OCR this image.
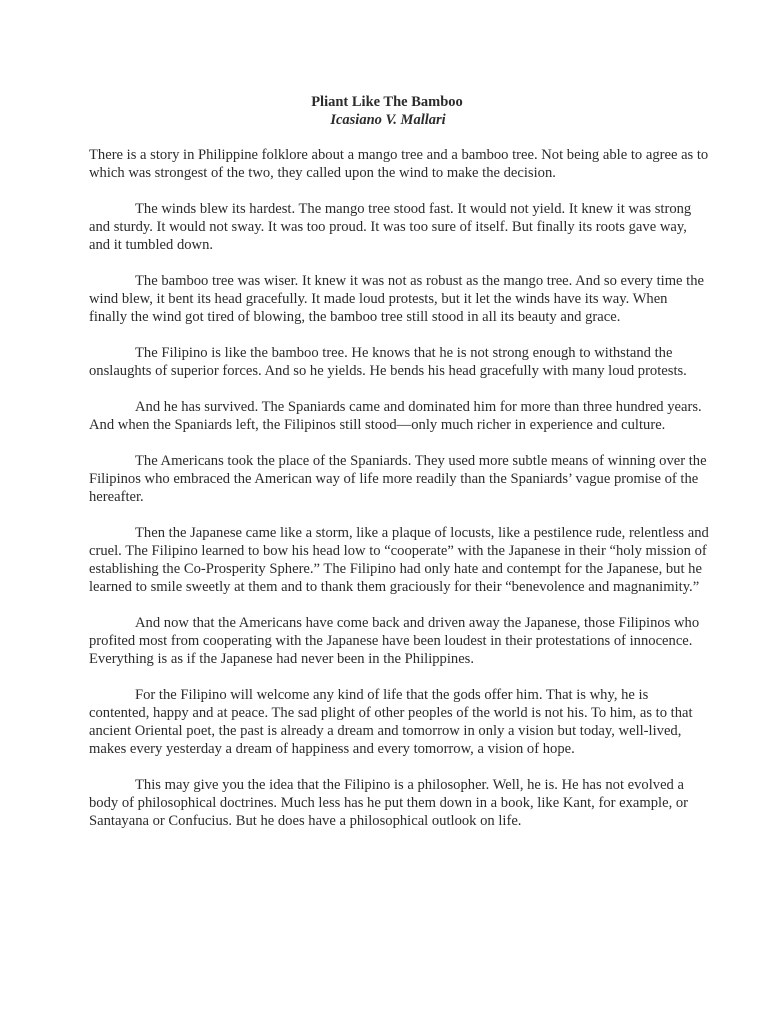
Pliant Like The Bamboo

Icasiano V. Mallari

There is a story in Philippine folklore about a mango tree and a bamboo tree. Not being able to agree as to which was strongest of the two, they called upon the wind to make the decision.

The winds blew its hardest. The mango tree stood fast. It would not yield. It knew it was strong and sturdy. It would not sway. It was too proud. It was too sure of itself. But finally its roots gave way, and it tumbled down.

The bamboo tree was wiser. It knew it was not as robust as the mango tree. And so every time the wind blew, it bent its head gracefully. It made loud protests, but it let the winds have its way. When finally the wind got tired of blowing, the bamboo tree still stood in all its beauty and grace.

The Filipino is like the bamboo tree. He knows that he is not strong enough to withstand the onslaughts of superior forces. And so he yields. He bends his head gracefully with many loud protests.

And he has survived. The Spaniards came and dominated him for more than three hundred years. And when the Spaniards left, the Filipinos still stood—only much richer in experience and culture.

The Americans took the place of the Spaniards. They used more subtle means of winning over the Filipinos who embraced the American way of life more readily than the Spaniards’ vague promise of the hereafter.

Then the Japanese came like a storm, like a plaque of locusts, like a pestilence rude, relentless and cruel. The Filipino learned to bow his head low to “cooperate” with the Japanese in their “holy mission of establishing the Co-Prosperity Sphere.” The Filipino had only hate and contempt for the Japanese, but he learned to smile sweetly at them and to thank them graciously for their “benevolence and magnanimity.”

And now that the Americans have come back and driven away the Japanese, those Filipinos who profited most from cooperating with the Japanese have been loudest in their protestations of innocence. Everything is as if the Japanese had never been in the Philippines.

For the Filipino will welcome any kind of life that the gods offer him. That is why, he is contented, happy and at peace. The sad plight of other peoples of the world is not his. To him, as to that ancient Oriental poet, the past is already a dream and tomorrow in only a vision but today, well-lived, makes every yesterday a dream of happiness and every tomorrow, a vision of hope.

This may give you the idea that the Filipino is a philosopher. Well, he is. He has not evolved a body of philosophical doctrines. Much less has he put them down in a book, like Kant, for example, or Santayana or Confucius. But he does have a philosophical outlook on life.
